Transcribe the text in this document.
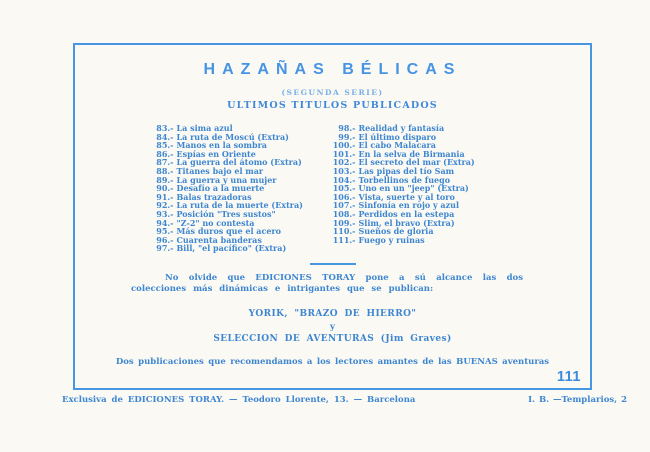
HAZAÑAS BÉLICAS
(SEGUNDA SERIE)
ULTIMOS TITULOS PUBLICADOS
83.- La sima azul
84.- La ruta de Moscú (Extra)
85.- Manos en la sombra
86.- Espías en Oriente
87.- La guerra del átomo (Extra)
88.- Titanes bajo el mar
89.- La guerra y una mujer
90.- Desafío a la muerte
91.- Balas trazadoras
92.- La ruta de la muerte (Extra)
93.- Posición "Tres sustos"
94.- "Z-2" no contesta
95.- Más duros que el acero
96.- Cuarenta banderas
97.- Bill, "el pacífico" (Extra)
98.- Realidad y fantasía
99.- El último disparo
100.- El cabo Malacara
101.- En la selva de Birmania
102.- El secreto del mar (Extra)
103.- Las pipas del tío Sam
104.- Torbellinos de fuego
105.- Uno en un "jeep" (Extra)
106.- Vista, suerte y al toro
107.- Sinfonía en rojo y azul
108.- Perdidos en la estepa
109.- Slim, el bravo (Extra)
110.- Sueños de gloria
111.- Fuego y ruinas
No olvide que EDICIONES TORAY pone a sú alcance las dos colecciones más dinámicas e intrigantes que se publican:
YORIK, "BRAZO DE HIERRO"
y
SELECCION DE AVENTURAS (Jim Graves)
Dos publicaciones que recomendamos a los lectores amantes de las BUENAS aventuras
111
Exclusiva de EDICIONES TORAY. — Teodoro Llorente, 13. — Barcelona	I. B. —Templarios, 2
